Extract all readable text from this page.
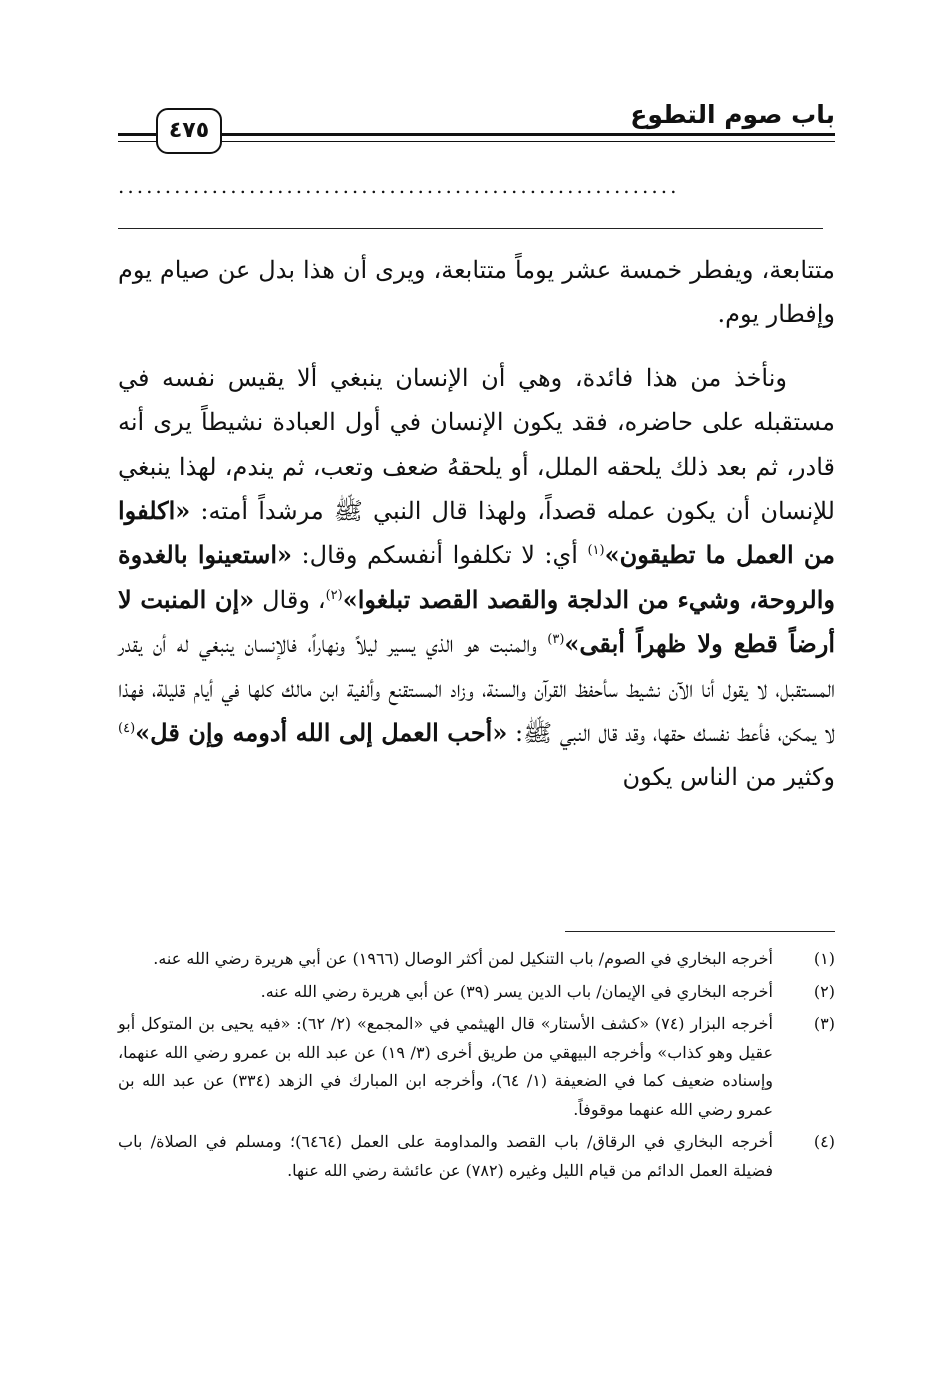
باب صوم التطوع
٤٧٥
............................................................

متتابعة، ويفطر خمسة عشر يوماً متتابعة، ويرى أن هذا بدل عن صيام يوم وإفطار يوم.

ونأخذ من هذا فائدة، وهي أن الإنسان ينبغي ألا يقيس نفسه في مستقبله على حاضره، فقد يكون الإنسان في أول العبادة نشيطاً يرى أنه قادر، ثم بعد ذلك يلحقه الملل، أو يلحقهُ ضعف وتعب، ثم يندم، لهذا ينبغي للإنسان أن يكون عمله قصداً، ولهذا قال النبي ﷺ مرشداً أمته: «اكلفوا من العمل ما تطيقون»$^{(١)}$ أي: لا تكلفوا أنفسكم وقال: «استعينوا بالغدوة والروحة، وشيء من الدلجة والقصد القصد تبلغوا»$^{(٢)}$، وقال «إن المنبت لا أرضاً قطع ولا ظهراً أبقى»$^{(٣)}$ والمنبت هو الذي يسير ليلاً ونهاراً، فالإنسان ينبغي له أن يقدر المستقبل، لا يقول أنا الآن نشيط سأحفظ القرآن والسنة، وزاد المستقنع وألفية ابن مالك كلها في أيام قليلة، فهذا لا يمكن، فأعط نفسك حقها، وقد قال النبي ﷺ: «أحب العمل إلى الله أدومه وإن قل»$^{(٤)}$ وكثير من الناس يكون

(١)
أخرجه البخاري في الصوم/ باب التنكيل لمن أكثر الوصال (١٩٦٦) عن أبي هريرة رضي الله عنه.
(٢)
أخرجه البخاري في الإيمان/ باب الدين يسر (٣٩) عن أبي هريرة رضي الله عنه.
(٣)
أخرجه البزار (٧٤) «كشف الأستار» قال الهيثمي في «المجمع» (٢/ ٦٢): «فيه يحيى بن المتوكل أبو عقيل وهو كذاب» وأخرجه البيهقي من طريق أخرى (٣/ ١٩) عن عبد الله بن عمرو رضي الله عنهما، وإسناده ضعيف كما في الضعيفة (١/ ٦٤)، وأخرجه ابن المبارك في الزهد (٣٣٤) عن عبد الله بن عمرو رضي الله عنهما موقوفاً.
(٤)
أخرجه البخاري في الرقاق/ باب القصد والمداومة على العمل (٦٤٦٤)؛ ومسلم في الصلاة/ باب فضيلة العمل الدائم من قيام الليل وغيره (٧٨٢) عن عائشة رضي الله عنها.
